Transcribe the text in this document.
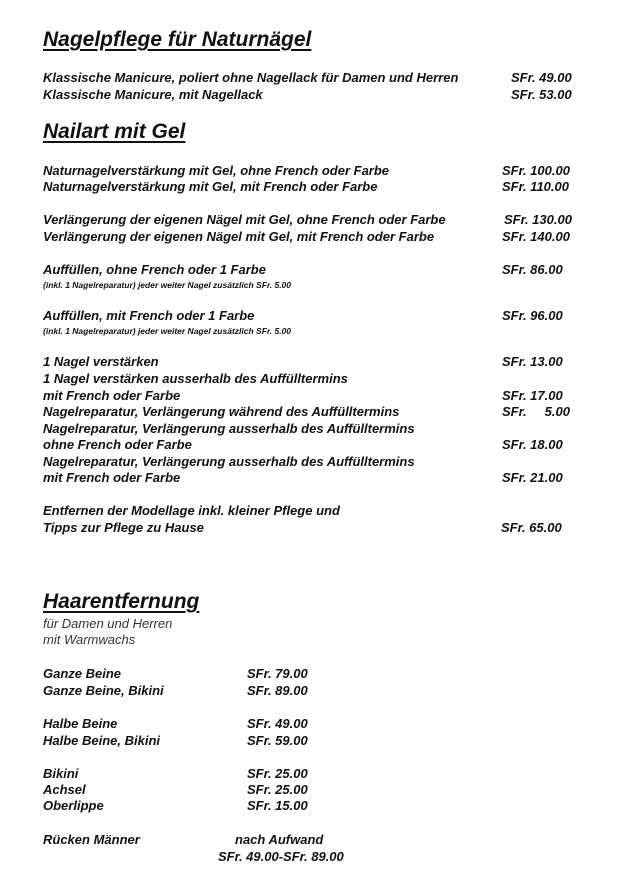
Nagelpflege für Naturnägel
Klassische Manicure, poliert ohne Nagellack für Damen und Herren	SFr. 49.00
Klassische Manicure, mit Nagellack	SFr. 53.00
Nailart mit Gel
Naturnagelverstärkung mit Gel, ohne French oder Farbe	SFr. 100.00
Naturnagelverstärkung mit Gel, mit French oder Farbe	SFr. 110.00
Verlängerung der eigenen Nägel mit Gel, ohne French oder Farbe	SFr. 130.00
Verlängerung der eigenen Nägel mit Gel, mit French oder Farbe	SFr. 140.00
Auffüllen, ohne French oder 1 Farbe	SFr. 86.00
(inkl. 1 Nagelreparatur) jeder weiter Nagel zusätzlich SFr. 5.00
Auffüllen, mit French oder 1 Farbe	SFr. 96.00
(inkl. 1 Nagelreparatur) jeder weiter Nagel zusätzlich SFr. 5.00
1 Nagel verstärken	SFr. 13.00
1 Nagel verstärken ausserhalb des Auffülltermins
mit French oder Farbe	SFr. 17.00
Nagelreparatur, Verlängerung während des Auffülltermins	SFr.     5.00
Nagelreparatur, Verlängerung ausserhalb des Auffülltermins
ohne French oder Farbe	SFr. 18.00
Nagelreparatur, Verlängerung ausserhalb des Auffülltermins
mit French oder Farbe	SFr. 21.00
Entfernen der Modellage inkl. kleiner Pflege und
Tipps zur Pflege zu Hause	SFr. 65.00
Haarentfernung
für Damen und Herren
mit Warmwachs
Ganze Beine	SFr. 79.00
Ganze Beine, Bikini	SFr. 89.00
Halbe Beine	SFr. 49.00
Halbe Beine, Bikini	SFr. 59.00
Bikini	SFr. 25.00
Achsel	SFr. 25.00
Oberlippe	SFr. 15.00
Rücken Männer	nach Aufwand
SFr. 49.00-SFr. 89.00
